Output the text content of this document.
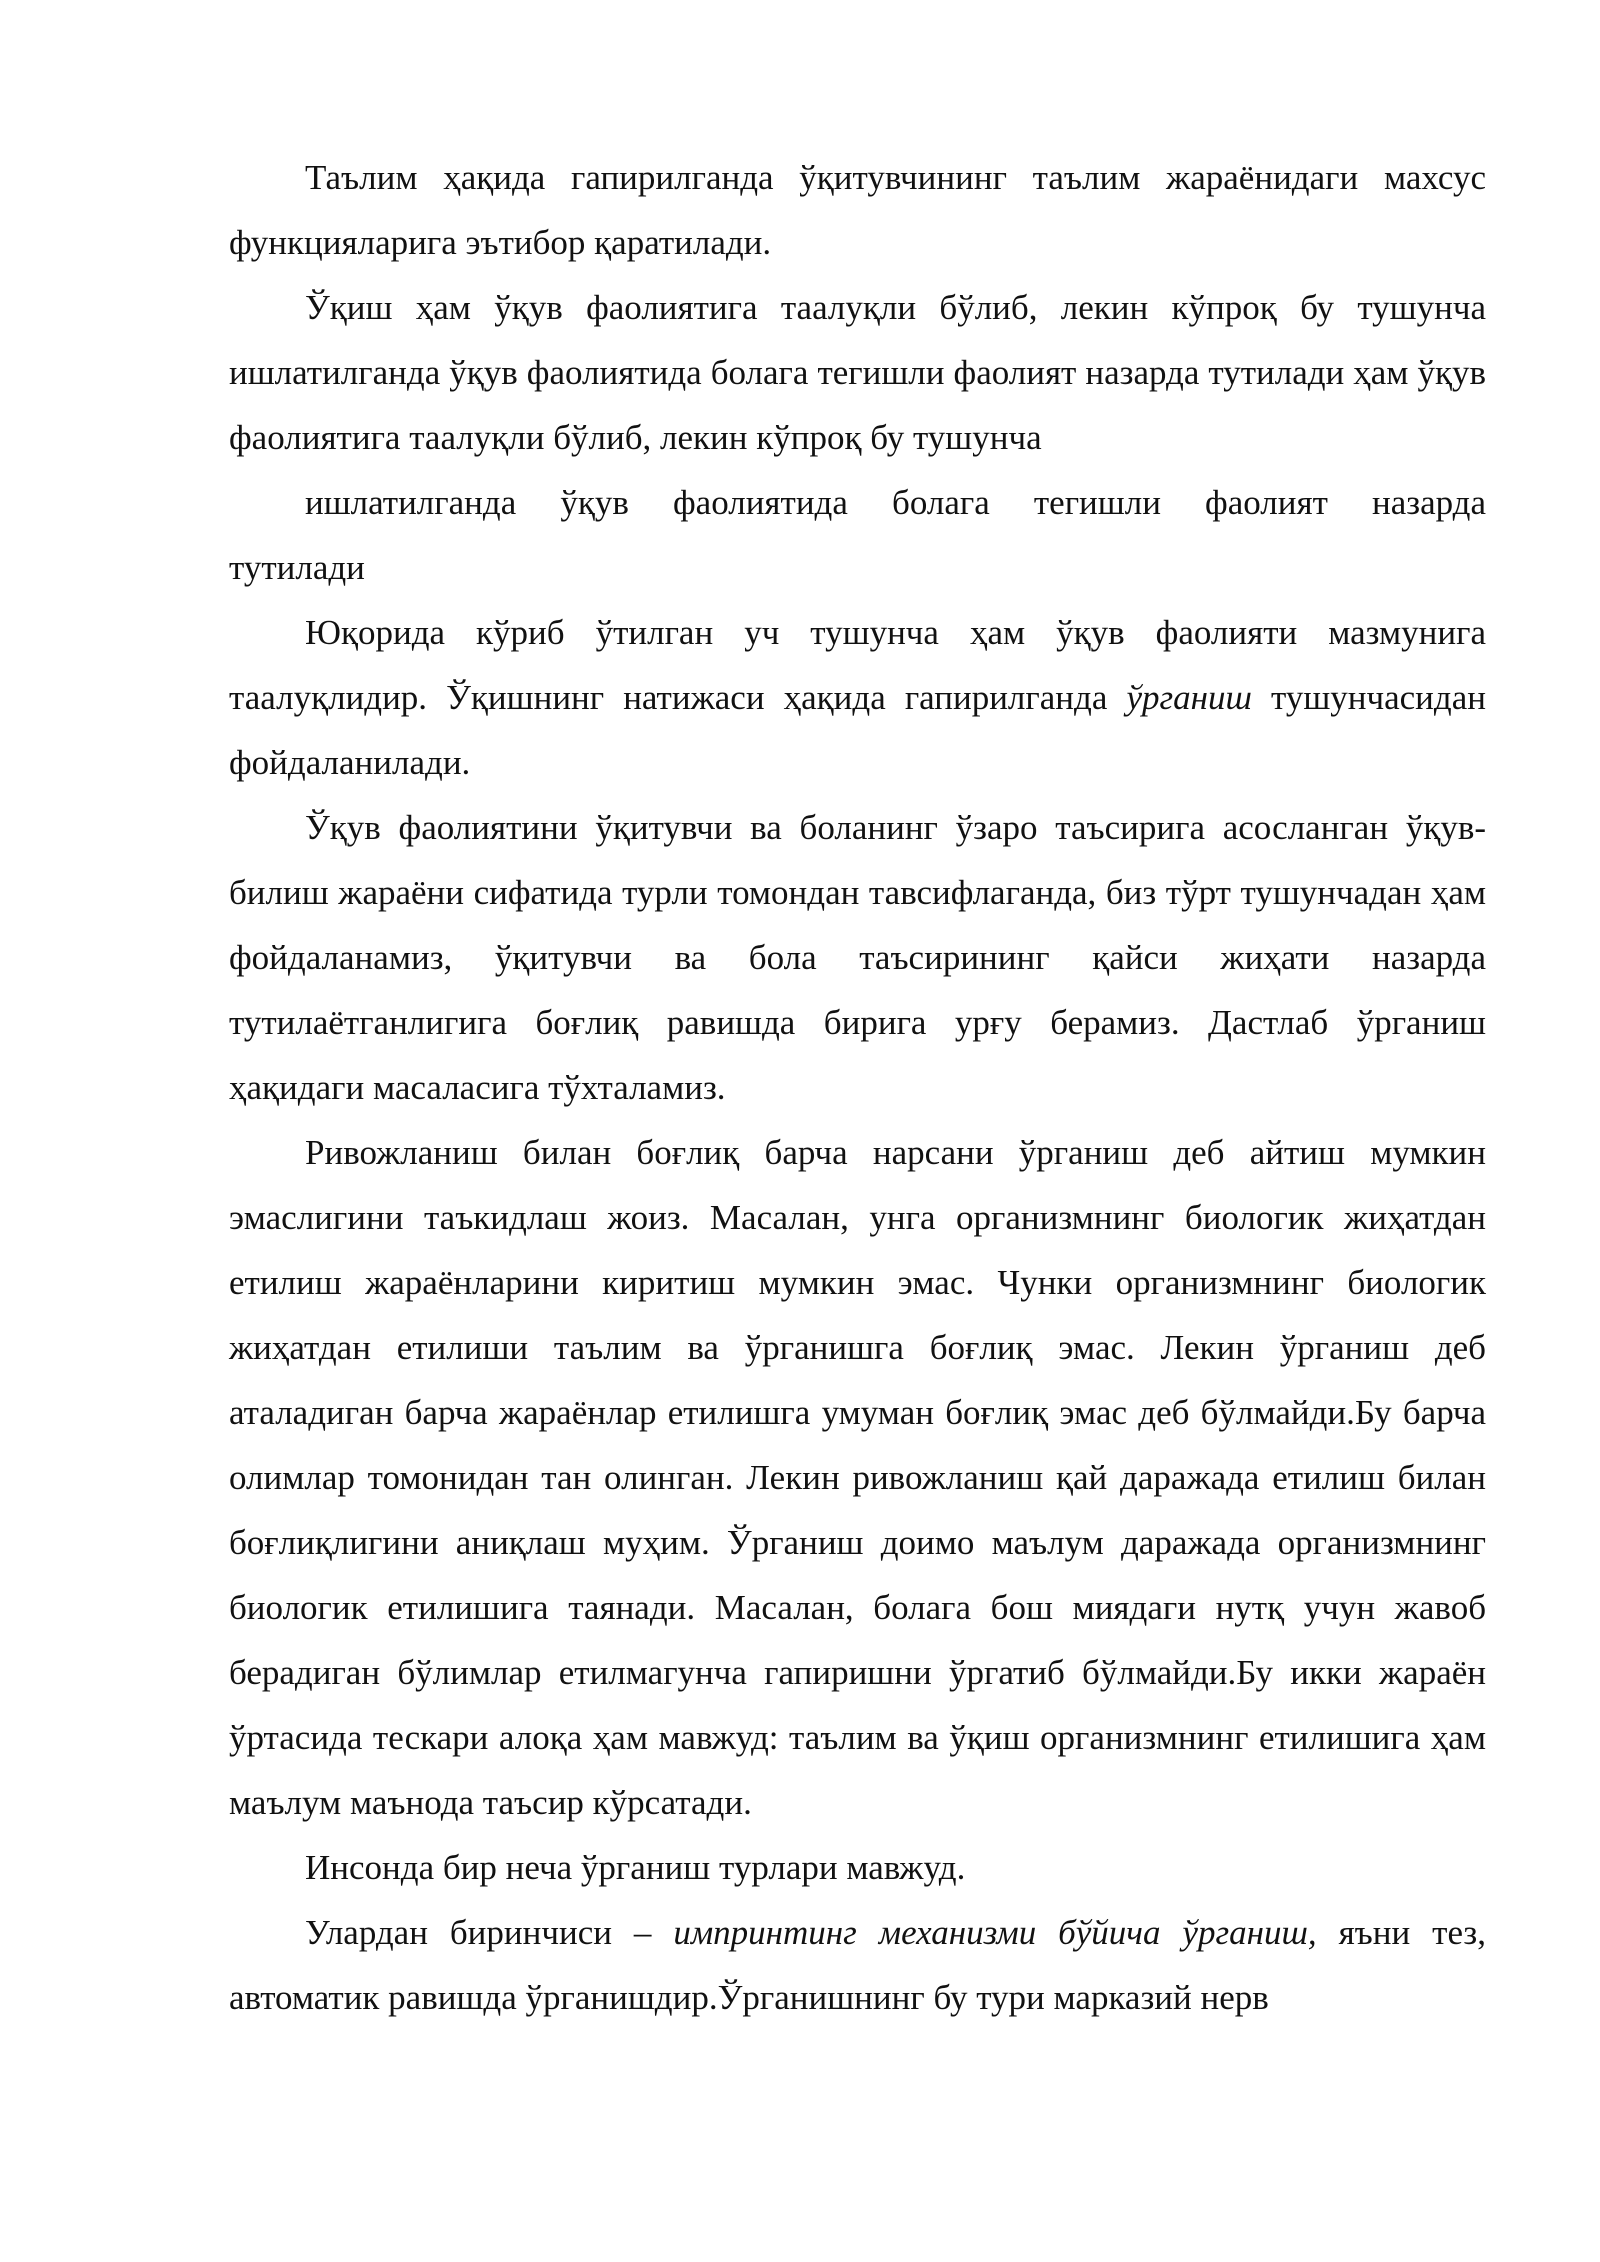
Таълим ҳақида гапирилганда ўқитувчининг таълим жараёнидаги махсус функцияларига эътибор қаратилади.

Ўқиш ҳам ўқув фаолиятига таалуқли бўлиб, лекин кўпроқ бу тушунча ишлатилганда ўқув фаолиятида болага тегишли фаолият назарда тутилади ҳам ўқув фаолиятига таалуқли бўлиб, лекин кўпроқ бу тушунча

ишлатилганда ўқув фаолиятида болага тегишли фаолият назарда

тутилади

Юқорида кўриб ўтилган уч тушунча ҳам ўқув фаолияти мазмунига таалуқлидир. Ўқишнинг натижаси ҳақида гапирилганда ўрганиш тушунчасидан фойдаланилади.

Ўқув фаолиятини ўқитувчи ва боланинг ўзаро таъсирига асосланган ўқув-билиш жараёни сифатида турли томондан тавсифлаганда, биз тўрт тушунчадан ҳам фойдаланамиз, ўқитувчи ва бола таъсирининг қайси жиҳати назарда тутилаётганлигига боғлиқ равишда бирига урғу берамиз. Дастлаб ўрганиш ҳақидаги масаласига тўхталамиз.

Ривожланиш билан боғлиқ барча нарсани ўрганиш деб айтиш мумкин эмаслигини таъкидлаш жоиз. Масалан, унга организмнинг биологик жиҳатдан етилиш жараёнларини киритиш мумкин эмас. Чунки организмнинг биологик жиҳатдан етилиши таълим ва ўрганишга боғлиқ эмас. Лекин ўрганиш деб аталадиган барча жараёнлар етилишга умуман боғлиқ эмас деб бўлмайди.Бу барча олимлар томонидан тан олинган. Лекин ривожланиш қай даражада етилиш билан боғлиқлигини аниқлаш муҳим. Ўрганиш доимо маълум даражада организмнинг биологик етилишига таянади. Масалан, болага бош миядаги нутқ учун жавоб берадиган бўлимлар етилмагунча гапиришни ўргатиб бўлмайди.Бу икки жараён ўртасида тескари алоқа ҳам мавжуд: таълим ва ўқиш организмнинг етилишига ҳам маълум маънода таъсир кўрсатади.

Инсонда бир неча ўрганиш турлари мавжуд.

Улардан биринчиси – импринтинг механизми бўйича ўрганиш, яъни тез, автоматик равишда ўрганишдир.Ўрганишнинг бу тури марказий нерв
